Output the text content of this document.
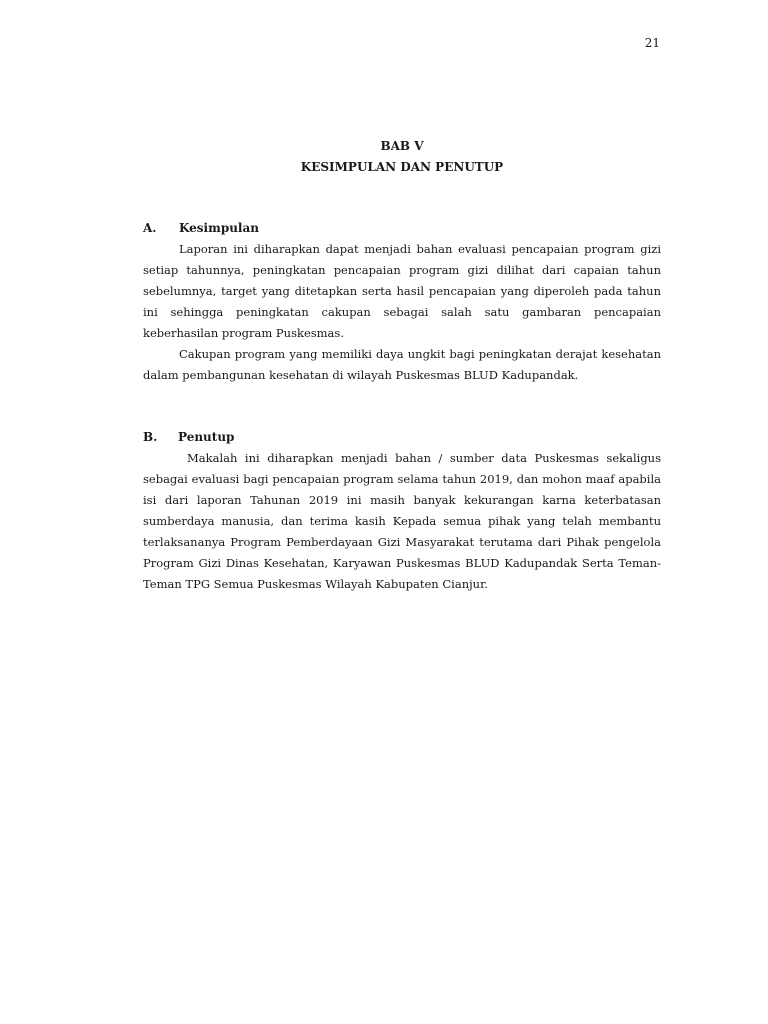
21
BAB V
KESIMPULAN DAN PENUTUP
A.	Kesimpulan

Laporan ini diharapkan dapat menjadi bahan evaluasi pencapaian program gizi setiap tahunnya, peningkatan pencapaian program gizi dilihat dari capaian tahun sebelumnya, target yang ditetapkan serta hasil pencapaian yang diperoleh pada tahun ini sehingga peningkatan cakupan sebagai salah satu gambaran pencapaian keberhasilan program Puskesmas.

Cakupan program yang memiliki daya ungkit bagi peningkatan derajat kesehatan dalam pembangunan kesehatan di wilayah Puskesmas BLUD Kadupandak.

B.	Penutup

Makalah ini diharapkan menjadi bahan / sumber data Puskesmas sekaligus sebagai evaluasi bagi pencapaian program selama tahun 2019, dan mohon maaf apabila isi dari laporan Tahunan 2019 ini masih banyak kekurangan karna keterbatasan sumberdaya manusia, dan terima kasih Kepada semua pihak yang telah membantu terlaksananya Program Pemberdayaan Gizi Masyarakat terutama dari Pihak pengelola Program Gizi Dinas Kesehatan, Karyawan Puskesmas BLUD Kadupandak Serta Teman-Teman TPG Semua Puskesmas Wilayah Kabupaten Cianjur.
